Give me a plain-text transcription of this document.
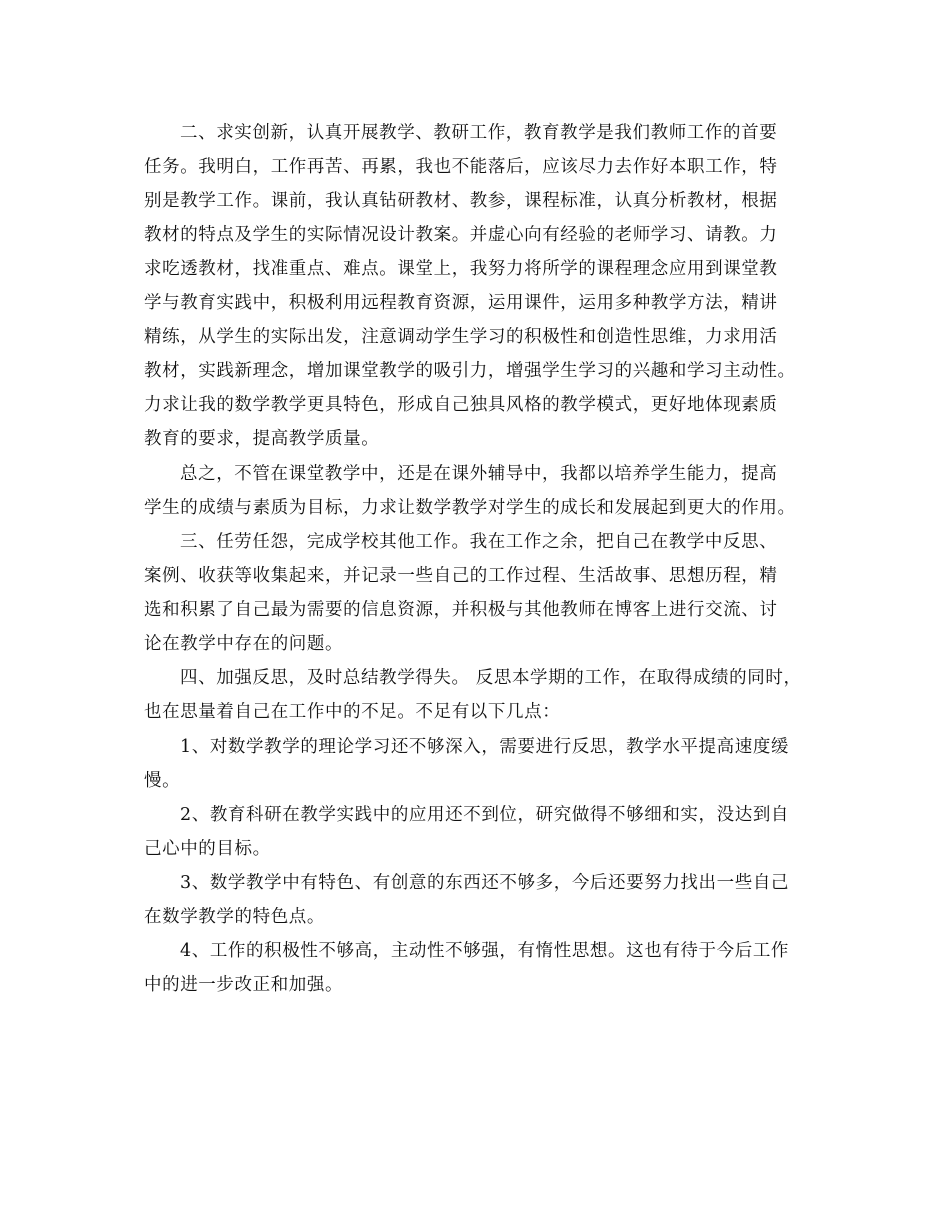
二、求实创新，认真开展教学、教研工作，教育教学是我们教师工作的首要
任务。我明白，工作再苦、再累，我也不能落后，应该尽力去作好本职工作，特
别是教学工作。课前，我认真钻研教材、教参，课程标准，认真分析教材，根据
教材的特点及学生的实际情况设计教案。并虚心向有经验的老师学习、请教。力
求吃透教材，找准重点、难点。课堂上，我努力将所学的课程理念应用到课堂教
学与教育实践中，积极利用远程教育资源，运用课件，运用多种教学方法，精讲
精练，从学生的实际出发，注意调动学生学习的积极性和创造性思维，力求用活
教材，实践新理念，增加课堂教学的吸引力，增强学生学习的兴趣和学习主动性。
力求让我的数学教学更具特色，形成自己独具风格的教学模式，更好地体现素质
教育的要求，提高教学质量。
总之，不管在课堂教学中，还是在课外辅导中，我都以培养学生能力，提高
学生的成绩与素质为目标，力求让数学教学对学生的成长和发展起到更大的作用。
三、任劳任怨，完成学校其他工作。我在工作之余，把自己在教学中反思、
案例、收获等收集起来，并记录一些自己的工作过程、生活故事、思想历程，精
选和积累了自己最为需要的信息资源，并积极与其他教师在博客上进行交流、讨
论在教学中存在的问题。
四、加强反思，及时总结教学得失。 反思本学期的工作，在取得成绩的同时，
也在思量着自己在工作中的不足。不足有以下几点：
1、对数学教学的理论学习还不够深入，需要进行反思，教学水平提高速度缓
慢。
2、教育科研在教学实践中的应用还不到位，研究做得不够细和实，没达到自
己心中的目标。
3、数学教学中有特色、有创意的东西还不够多，今后还要努力找出一些自己
在数学教学的特色点。
4、工作的积极性不够高，主动性不够强，有惰性思想。这也有待于今后工作
中的进一步改正和加强。
